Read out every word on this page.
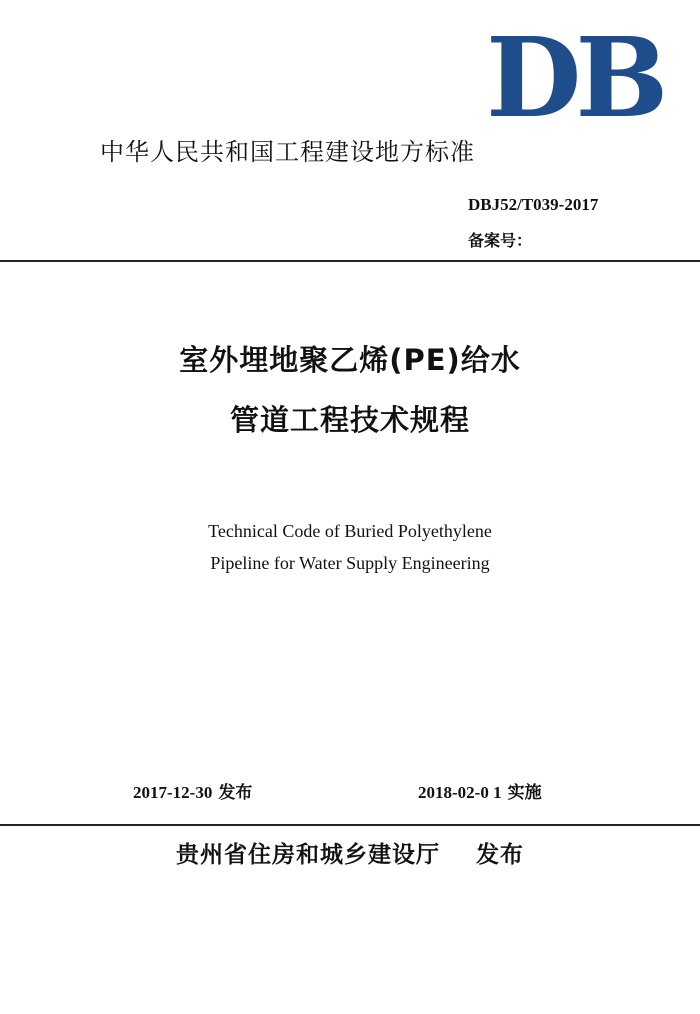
DB
中华人民共和国工程建设地方标准
DBJ52/T039-2017
备案号：
室外埋地聚乙烯(PE)给水
管道工程技术规程
Technical Code of Buried Polyethylene
Pipeline for Water Supply Engineering
2017-12-30 发布	2018-02-0 1 实施
贵州省住房和城乡建设厅 发布
